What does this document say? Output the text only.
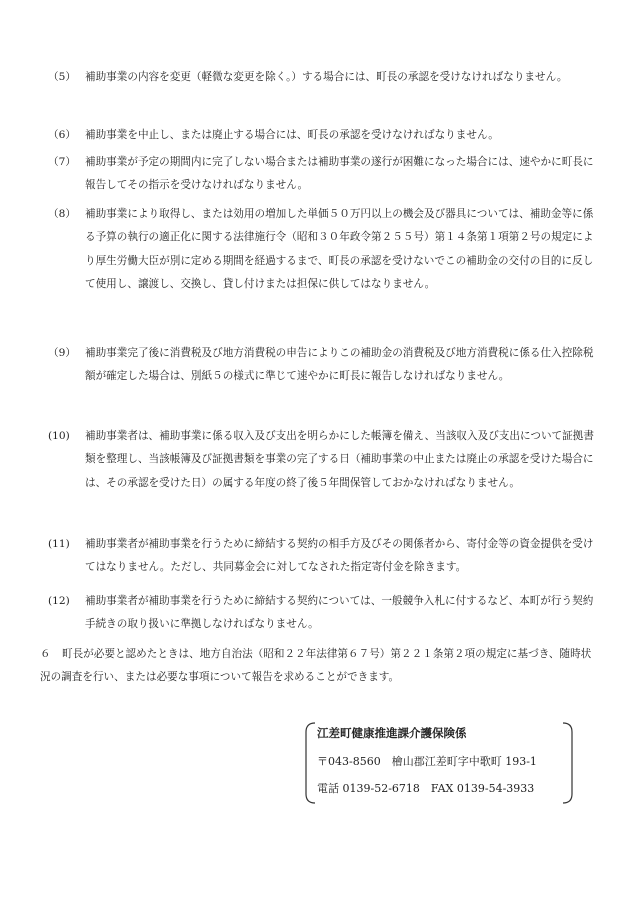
（5） 補助事業の内容を変更（軽微な変更を除く。）する場合には、町長の承認を受けなければなりません。
（6） 補助事業を中止し、または廃止する場合には、町長の承認を受けなければなりません。
（7） 補助事業が予定の期間内に完了しない場合または補助事業の遂行が困難になった場合には、速やかに町長に報告してその指示を受けなければなりません。
（8） 補助事業により取得し、または効用の増加した単価５０万円以上の機会及び器具については、補助金等に係る予算の執行の適正化に関する法律施行令（昭和３０年政令第２５５号）第１４条第１項第２号の規定により厚生労働大臣が別に定める期間を経過するまで、町長の承認を受けないでこの補助金の交付の目的に反して使用し、譲渡し、交換し、貸し付けまたは担保に供してはなりません。
（9） 補助事業完了後に消費税及び地方消費税の申告によりこの補助金の消費税及び地方消費税に係る仕入控除税額が確定した場合は、別紙５の様式に準じて速やかに町長に報告しなければなりません。
(10) 補助事業者は、補助事業に係る収入及び支出を明らかにした帳簿を備え、当該収入及び支出について証拠書類を整理し、当該帳簿及び証拠書類を事業の完了する日（補助事業の中止または廃止の承認を受けた場合には、その承認を受けた日）の属する年度の終了後５年間保管しておかなければなりません。
(11) 補助事業者が補助事業を行うために締結する契約の相手方及びその関係者から、寄付金等の資金提供を受けてはなりません。ただし、共同募金会に対してなされた指定寄付金を除きます。
(12) 補助事業者が補助事業を行うために締結する契約については、一般競争入札に付するなど、本町が行う契約手続きの取り扱いに準拠しなければなりません。
６ 町長が必要と認めたときは、地方自治法（昭和２２年法律第６７号）第２２１条第２項の規定に基づき、随時状況の調査を行い、または必要な事項について報告を求めることができます。
江差町健康推進課介護保険係
〒043-8560　檜山郡江差町字中歌町 193-1
電話 0139-52-6718　FAX 0139-54-3933
